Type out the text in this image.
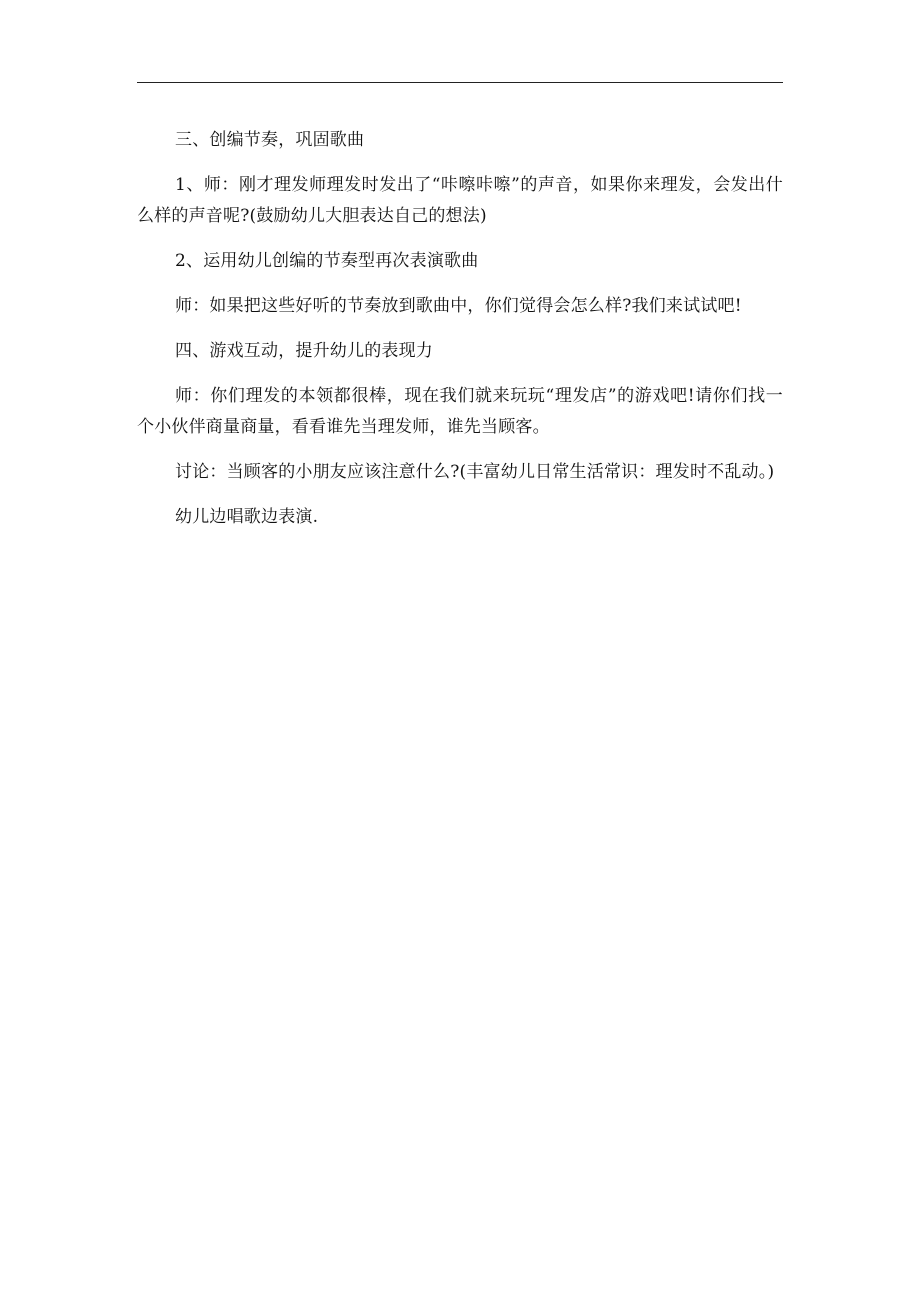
三、创编节奏，巩固歌曲

1、师：刚才理发师理发时发出了“咔嚓咔嚓”的声音，如果你来理发，会发出什么样的声音呢?(鼓励幼儿大胆表达自己的想法)

2、运用幼儿创编的节奏型再次表演歌曲

师：如果把这些好听的节奏放到歌曲中，你们觉得会怎么样?我们来试试吧!

四、游戏互动，提升幼儿的表现力

师：你们理发的本领都很棒，现在我们就来玩玩“理发店”的游戏吧!请你们找一个小伙伴商量商量，看看谁先当理发师，谁先当顾客。

讨论：当顾客的小朋友应该注意什么?(丰富幼儿日常生活常识：理发时不乱动。)

幼儿边唱歌边表演.
